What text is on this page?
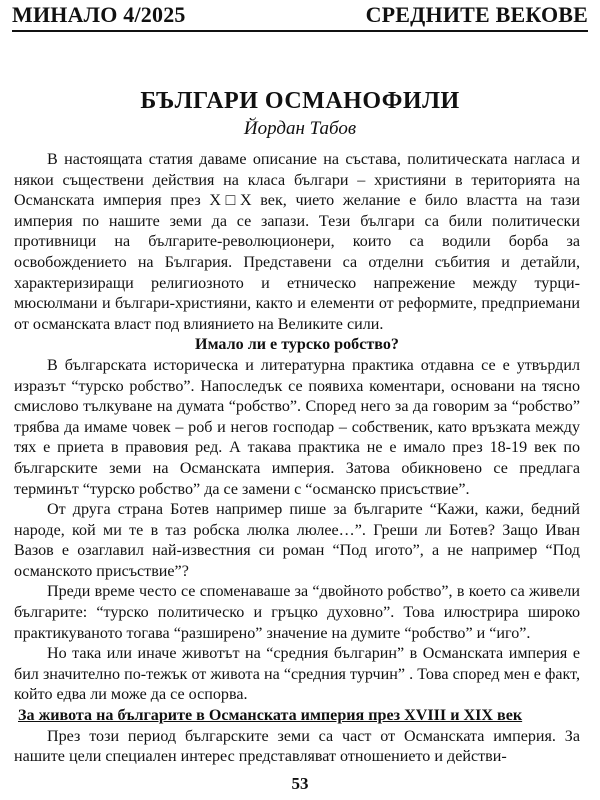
МИНАЛО 4/2025	СРЕДНИТЕ ВЕКОВЕ
БЪЛГАРИ ОСМАНОФИЛИ
Йордан Табов

В настоящата статия даваме описание на състава, политическата нагласа и някои съществени действия на класа българи – християни в територията на Османската империя през X□X век, чието желание е било властта на тази империя по нашите земи да се запази. Тези българи са били политически противници на българите-революционери, които са водили борба за освобождението на България. Представени са отделни събития и детайли, характеризиращи религиозното и етническо напрежение между турци-мюсюлмани и българи-християни, както и елементи от реформите, предприемани от османската власт под влиянието на Великите сили.

Имало ли е турско робство?

В българската историческа и литературна практика отдавна се е утвърдил изразът “турско робство”. Напоследък се появиха коментари, основани на тясно смислово тълкуване на думата “робство”. Според него за да говорим за “робство” трябва да имаме човек – роб и негов господар – собственик, като връзката между тях е приета в правовия ред. А такава практика не е имало през 18-19 век по българските земи на Османската империя. Затова обикновено се предлага терминът “турско робство” да се замени с “османско присъствие”.

От друга страна Ботев например пише за българите “Кажи, кажи, бедний народе, кой ми те в таз робска люлка люлее…”. Греши ли Ботев? Защо Иван Вазов е озаглавил най-известния си роман “Под игото”, а не например “Под османското присъствие”?

Преди време често се споменаваше за “двойното робство”, в което са живели българите: “турско политическо и гръцко духовно”. Това илюстрира широко практикуваното тогава “разширено” значение на думите “робство” и “иго”.

Но така или иначе животът на “средния българин” в Османската империя е бил значително по-тежък от живота на “средния турчин” . Това според мен е факт, който едва ли може да се оспорва.

За живота на българите в Османската империя през XVIII и XIX век

През този период българските земи са част от Османската империя. За нашите цели специален интерес представляват отношението и действи-

53
